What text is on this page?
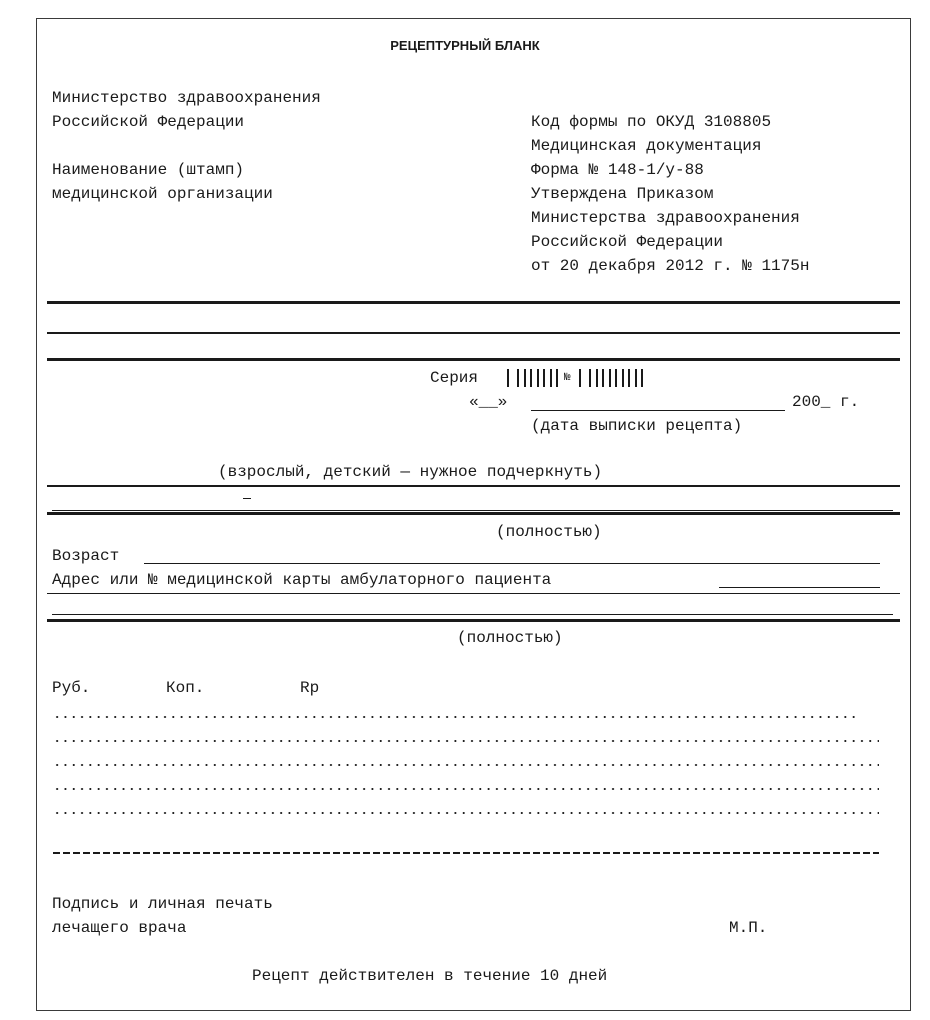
РЕЦЕПТУРНЫЙ БЛАНК
Министерство здравоохранения
Российской Федерации
Наименование (штамп)
медицинской организации
Код формы по ОКУД 3108805
Медицинская документация
Форма № 148-1/у-88
Утверждена Приказом
Министерства здравоохранения
Российской Федерации
от 20 декабря 2012 г. № 1175н
Серия	№
«__»	200_ г.
(дата выписки рецепта)
(взрослый, детский — нужное подчеркнуть)
(полностью)
Возраст
Адрес или № медицинской карты амбулаторного пациента
(полностью)
Руб.	Коп.	Rp
Подпись и личная печать
лечащего врача	М.П.
Рецепт действителен в течение 10 дней
